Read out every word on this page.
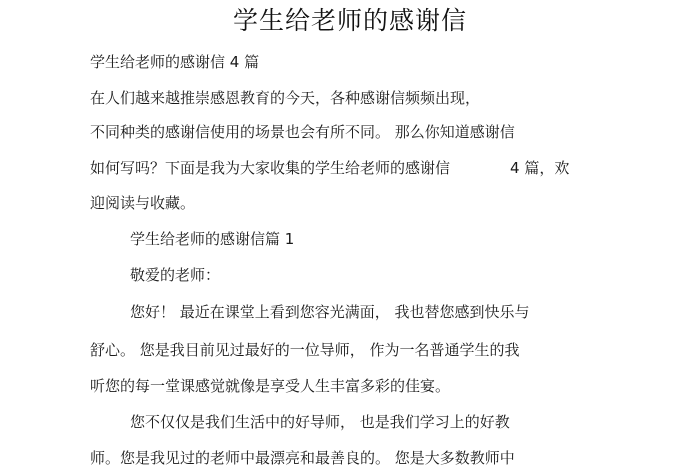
学生给老师的感谢信
学生给老师的感谢信 4 篇
在人们越来越推崇感恩教育的今天，各种感谢信频频出现，
不同种类的感谢信使用的场景也会有所不同。 那么你知道感谢信
如何写吗？下面是我为大家收集的学生给老师的感谢信	4 篇，欢
迎阅读与收藏。
学生给老师的感谢信篇 1
敬爱的老师：
您好！ 最近在课堂上看到您容光满面， 我也替您感到快乐与
舒心。 您是我目前见过最好的一位导师， 作为一名普通学生的我
听您的每一堂课感觉就像是享受人生丰富多彩的佳宴。
您不仅仅是我们生活中的好导师， 也是我们学习上的好教
师。您是我见过的老师中最漂亮和最善良的。 您是大多数教师中
